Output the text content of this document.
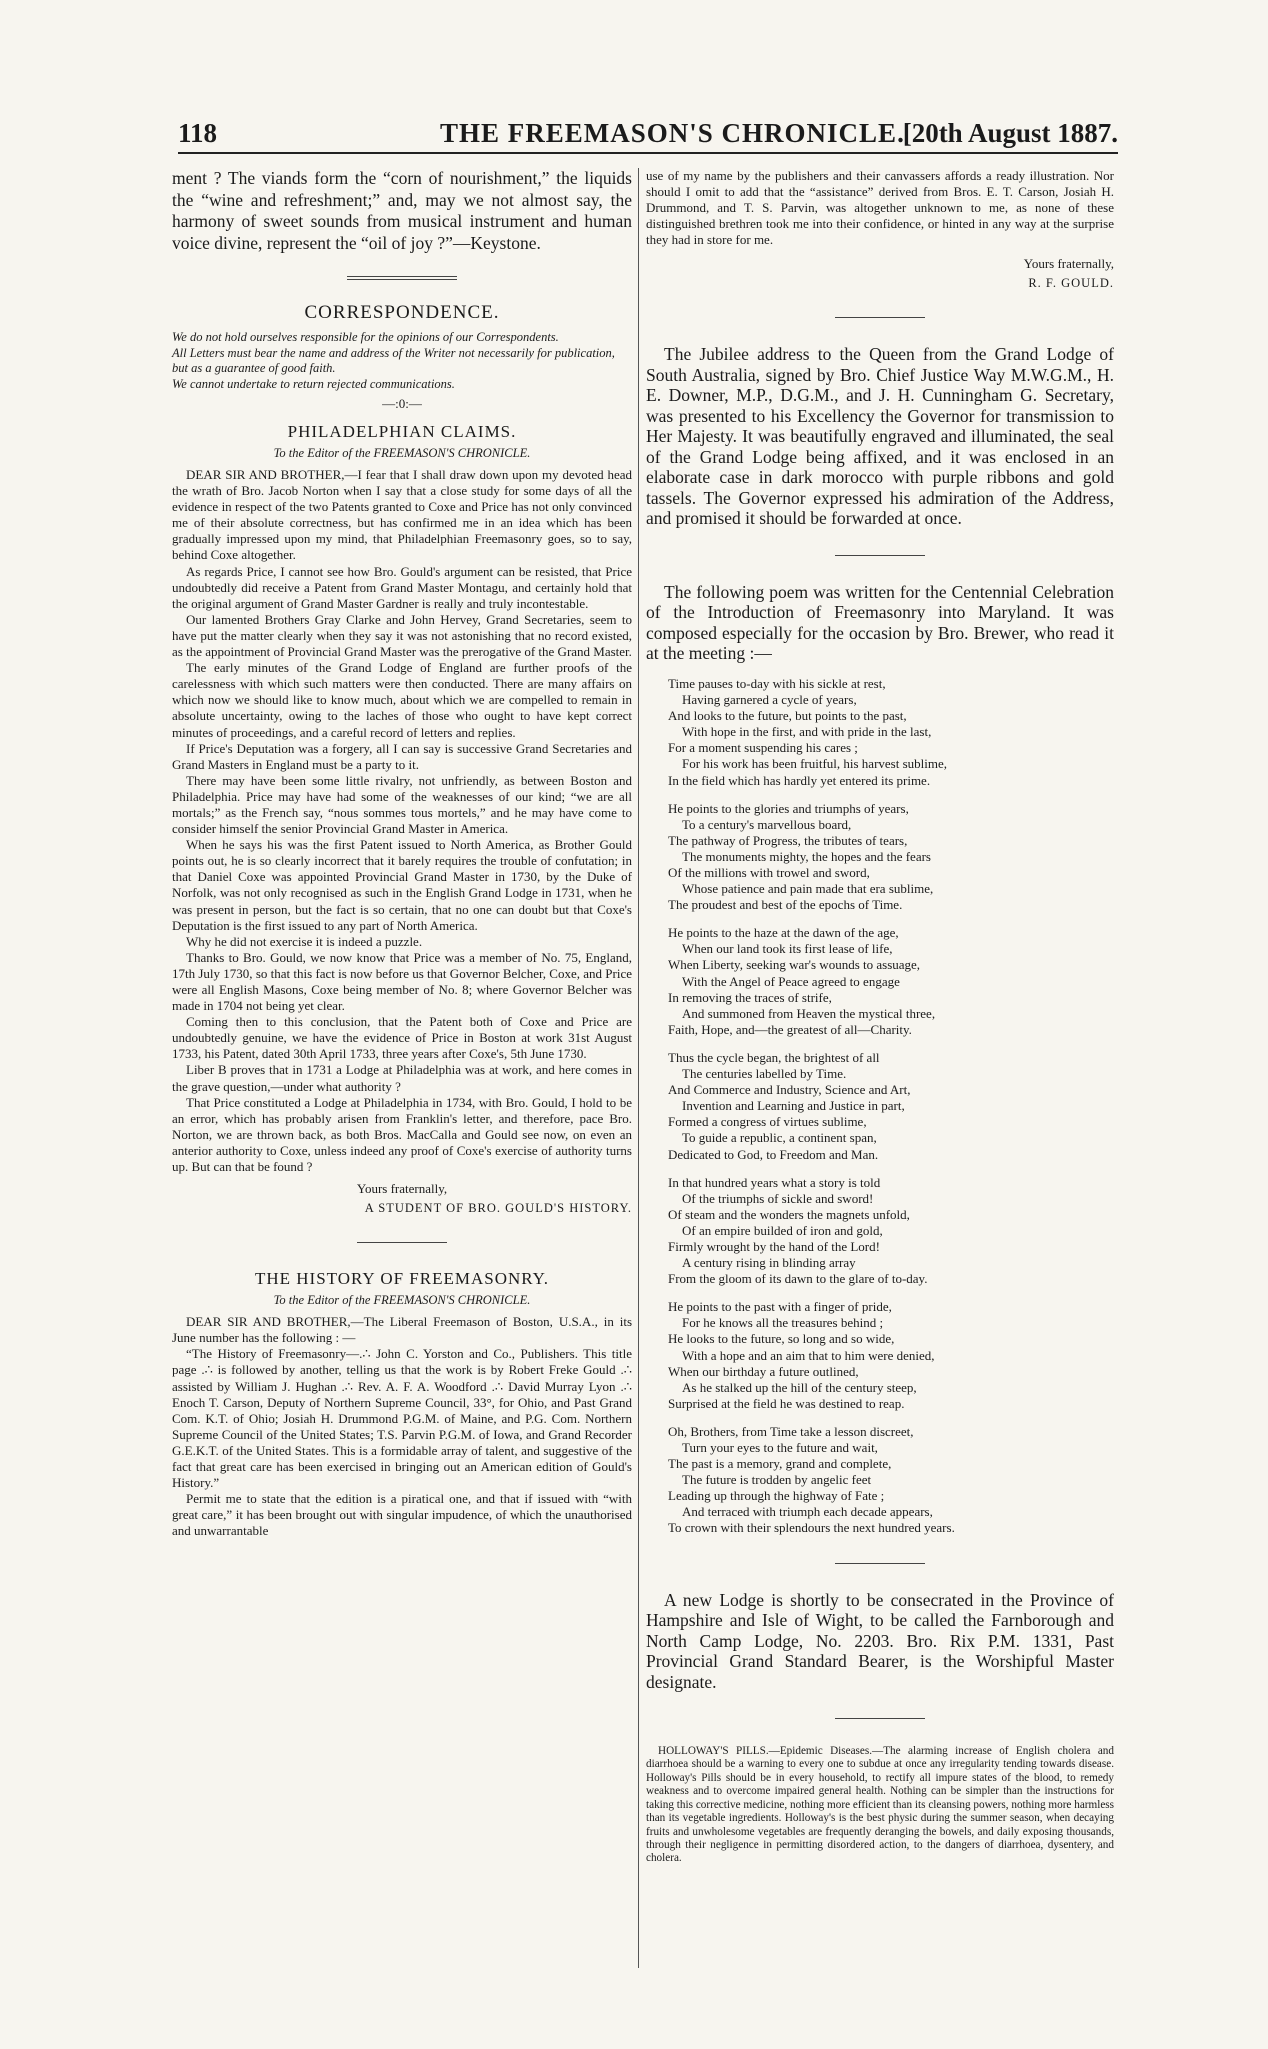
118	THE FREEMASON'S CHRONICLE.
[20th August 1887.

ment ? The viands form the “corn of nourishment,” the liquids the “wine and refreshment;” and, may we not almost say, the harmony of sweet sounds from musical instrument and human voice divine, represent the “oil of joy ?”—Keystone.

CORRESPONDENCE.
We do not hold ourselves responsible for the opinions of our Correspondents.
All Letters must bear the name and address of the Writer not necessarily for publication, but as a guarantee of good faith.
We cannot undertake to return rejected communications.
—:0:—
PHILADELPHIAN CLAIMS.
To the Editor of the FREEMASON'S CHRONICLE.

DEAR SIR AND BROTHER,—I fear that I shall draw down upon my devoted head the wrath of Bro. Jacob Norton when I say that a close study for some days of all the evidence in respect of the two Patents granted to Coxe and Price has not only convinced me of their absolute correctness, but has confirmed me in an idea which has been gradually impressed upon my mind, that Philadelphian Freemasonry goes, so to say, behind Coxe altogether.

As regards Price, I cannot see how Bro. Gould's argument can be resisted, that Price undoubtedly did receive a Patent from Grand Master Montagu, and certainly hold that the original argument of Grand Master Gardner is really and truly incontestable.

Our lamented Brothers Gray Clarke and John Hervey, Grand Secretaries, seem to have put the matter clearly when they say it was not astonishing that no record existed, as the appointment of Provincial Grand Master was the prerogative of the Grand Master.

The early minutes of the Grand Lodge of England are further proofs of the carelessness with which such matters were then conducted. There are many affairs on which now we should like to know much, about which we are compelled to remain in absolute uncertainty, owing to the laches of those who ought to have kept correct minutes of proceedings, and a careful record of letters and replies.

If Price's Deputation was a forgery, all I can say is successive Grand Secretaries and Grand Masters in England must be a party to it.

There may have been some little rivalry, not unfriendly, as between Boston and Philadelphia. Price may have had some of the weaknesses of our kind; “we are all mortals;” as the French say, “nous sommes tous mortels,” and he may have come to consider himself the senior Provincial Grand Master in America.

When he says his was the first Patent issued to North America, as Brother Gould points out, he is so clearly incorrect that it barely requires the trouble of confutation; in that Daniel Coxe was appointed Provincial Grand Master in 1730, by the Duke of Norfolk, was not only recognised as such in the English Grand Lodge in 1731, when he was present in person, but the fact is so certain, that no one can doubt but that Coxe's Deputation is the first issued to any part of North America.

Why he did not exercise it is indeed a puzzle.

Thanks to Bro. Gould, we now know that Price was a member of No. 75, England, 17th July 1730, so that this fact is now before us that Governor Belcher, Coxe, and Price were all English Masons, Coxe being member of No. 8; where Governor Belcher was made in 1704 not being yet clear.

Coming then to this conclusion, that the Patent both of Coxe and Price are undoubtedly genuine, we have the evidence of Price in Boston at work 31st August 1733, his Patent, dated 30th April 1733, three years after Coxe's, 5th June 1730.

Liber B proves that in 1731 a Lodge at Philadelphia was at work, and here comes in the grave question,—under what authority ?

That Price constituted a Lodge at Philadelphia in 1734, with Bro. Gould, I hold to be an error, which has probably arisen from Franklin's letter, and therefore, pace Bro. Norton, we are thrown back, as both Bros. MacCalla and Gould see now, on even an anterior authority to Coxe, unless indeed any proof of Coxe's exercise of authority turns up. But can that be found ?

Yours fraternally,
A STUDENT OF BRO. GOULD'S HISTORY.
THE HISTORY OF FREEMASONRY.
To the Editor of the FREEMASON'S CHRONICLE.

DEAR SIR AND BROTHER,—The Liberal Freemason of Boston, U.S.A., in its June number has the following : —

“The History of Freemasonry—.∴ John C. Yorston and Co., Publishers. This title page .∴ is followed by another, telling us that the work is by Robert Freke Gould .∴ assisted by William J. Hughan .∴ Rev. A. F. A. Woodford .∴ David Murray Lyon .∴ Enoch T. Carson, Deputy of Northern Supreme Council, 33°, for Ohio, and Past Grand Com. K.T. of Ohio; Josiah H. Drummond P.G.M. of Maine, and P.G. Com. Northern Supreme Council of the United States; T.S. Parvin P.G.M. of Iowa, and Grand Recorder G.E.K.T. of the United States. This is a formidable array of talent, and suggestive of the fact that great care has been exercised in bringing out an American edition of Gould's History.”

Permit me to state that the edition is a piratical one, and that if issued with “with great care,” it has been brought out with singular impudence, of which the unauthorised and unwarrantable

use of my name by the publishers and their canvassers affords a ready illustration. Nor should I omit to add that the “assistance” derived from Bros. E. T. Carson, Josiah H. Drummond, and T. S. Parvin, was altogether unknown to me, as none of these distinguished brethren took me into their confidence, or hinted in any way at the surprise they had in store for me.

Yours fraternally,
R. F. GOULD.

The Jubilee address to the Queen from the Grand Lodge of South Australia, signed by Bro. Chief Justice Way M.W.G.M., H. E. Downer, M.P., D.G.M., and J. H. Cunningham G. Secretary, was presented to his Excellency the Governor for transmission to Her Majesty. It was beautifully engraved and illuminated, the seal of the Grand Lodge being affixed, and it was enclosed in an elaborate case in dark morocco with purple ribbons and gold tassels. The Governor expressed his admiration of the Address, and promised it should be forwarded at once.

The following poem was written for the Centennial Celebration of the Introduction of Freemasonry into Maryland. It was composed especially for the occasion by Bro. Brewer, who read it at the meeting :—

Time pauses to-day with his sickle at rest,
Having garnered a cycle of years,
And looks to the future, but points to the past,
With hope in the first, and with pride in the last,
For a moment suspending his cares ;
For his work has been fruitful, his harvest sublime,
In the field which has hardly yet entered its prime.
He points to the glories and triumphs of years,
To a century's marvellous board,
The pathway of Progress, the tributes of tears,
The monuments mighty, the hopes and the fears
Of the millions with trowel and sword,
Whose patience and pain made that era sublime,
The proudest and best of the epochs of Time.
He points to the haze at the dawn of the age,
When our land took its first lease of life,
When Liberty, seeking war's wounds to assuage,
With the Angel of Peace agreed to engage
In removing the traces of strife,
And summoned from Heaven the mystical three,
Faith, Hope, and—the greatest of all—Charity.
Thus the cycle began, the brightest of all
The centuries labelled by Time.
And Commerce and Industry, Science and Art,
Invention and Learning and Justice in part,
Formed a congress of virtues sublime,
To guide a republic, a continent span,
Dedicated to God, to Freedom and Man.
In that hundred years what a story is told
Of the triumphs of sickle and sword!
Of steam and the wonders the magnets unfold,
Of an empire builded of iron and gold,
Firmly wrought by the hand of the Lord!
A century rising in blinding array
From the gloom of its dawn to the glare of to-day.
He points to the past with a finger of pride,
For he knows all the treasures behind ;
He looks to the future, so long and so wide,
With a hope and an aim that to him were denied,
When our birthday a future outlined,
As he stalked up the hill of the century steep,
Surprised at the field he was destined to reap.
Oh, Brothers, from Time take a lesson discreet,
Turn your eyes to the future and wait,
The past is a memory, grand and complete,
The future is trodden by angelic feet
Leading up through the highway of Fate ;
And terraced with triumph each decade appears,
To crown with their splendours the next hundred years.

A new Lodge is shortly to be consecrated in the Province of Hampshire and Isle of Wight, to be called the Farnborough and North Camp Lodge, No. 2203. Bro. Rix P.M. 1331, Past Provincial Grand Standard Bearer, is the Worshipful Master designate.

HOLLOWAY'S PILLS.—Epidemic Diseases.—The alarming increase of English cholera and diarrhoea should be a warning to every one to subdue at once any irregularity tending towards disease. Holloway's Pills should be in every household, to rectify all impure states of the blood, to remedy weakness and to overcome impaired general health. Nothing can be simpler than the instructions for taking this corrective medicine, nothing more efficient than its cleansing powers, nothing more harmless than its vegetable ingredients. Holloway's is the best physic during the summer season, when decaying fruits and unwholesome vegetables are frequently deranging the bowels, and daily exposing thousands, through their negligence in permitting disordered action, to the dangers of diarrhoea, dysentery, and cholera.
